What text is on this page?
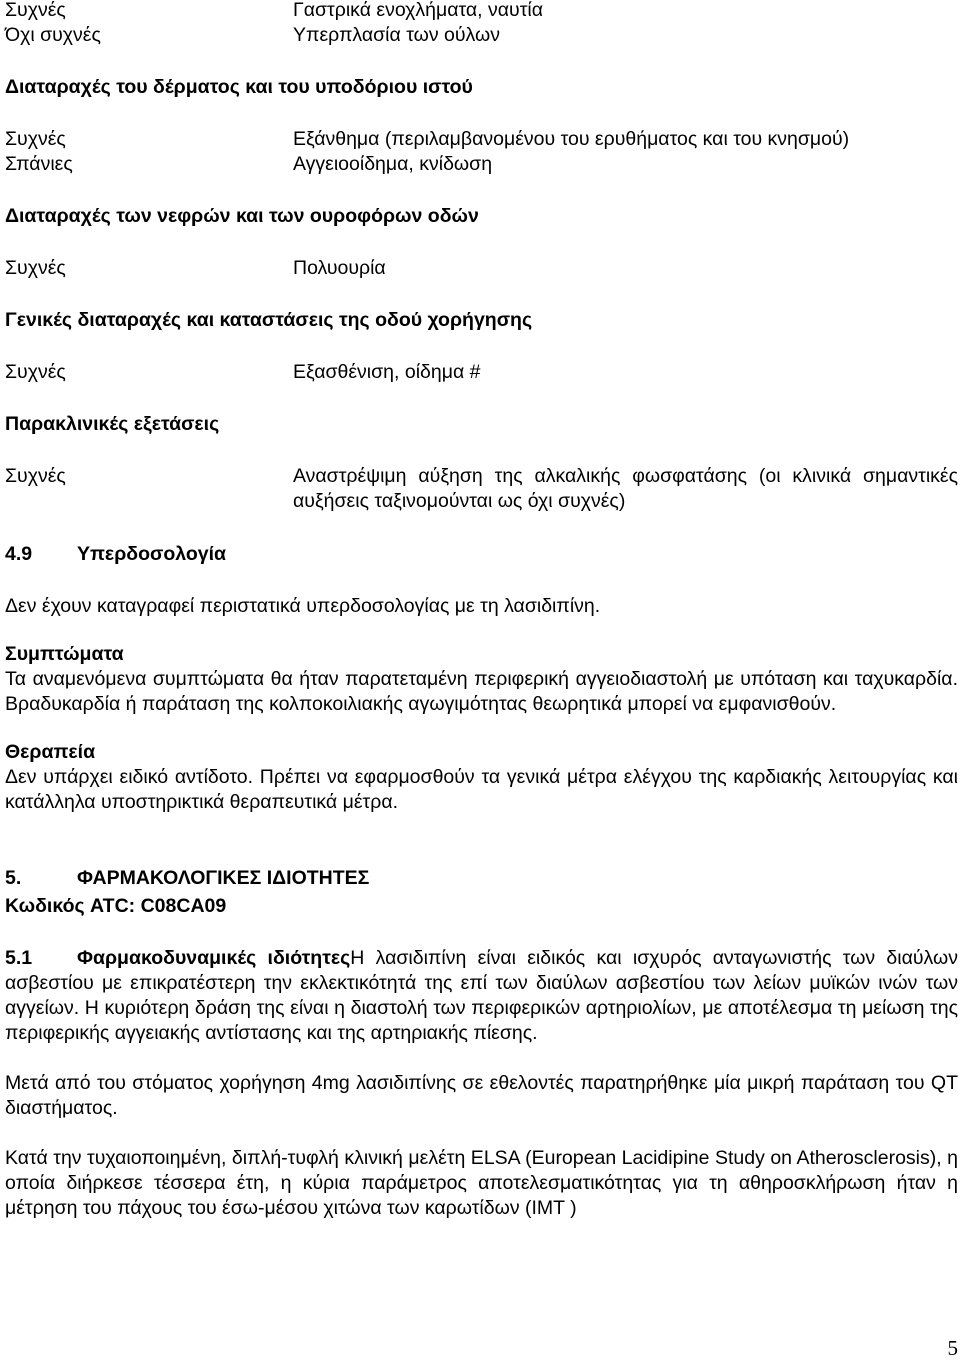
Συχνές	Γαστρικά ενοχλήματα, ναυτία
Όχι συχνές	Υπερπλασία των ούλων
Διαταραχές του δέρματος και του υποδόριου ιστού
Συχνές	Εξάνθημα (περιλαμβανομένου του ερυθήματος και του κνησμού)
Σπάνιες	Αγγειοοίδημα, κνίδωση
Διαταραχές των νεφρών και των ουροφόρων οδών
Συχνές	Πολυουρία
Γενικές διαταραχές και καταστάσεις της οδού χορήγησης
Συχνές	Εξασθένιση, οίδημα #
Παρακλινικές εξετάσεις
Συχνές	Αναστρέψιμη αύξηση της αλκαλικής φωσφατάσης (οι κλινικά σημαντικές αυξήσεις ταξινομούνται ως όχι συχνές)
4.9 Υπερδοσολογία
Δεν έχουν καταγραφεί περιστατικά υπερδοσολογίας με τη λασιδιπίνη.
Συμπτώματα
Τα αναμενόμενα συμπτώματα θα ήταν παρατεταμένη περιφερική αγγειοδιαστολή με υπόταση και ταχυκαρδία. Βραδυκαρδία ή παράταση της κολποκοιλιακής αγωγιμότητας θεωρητικά μπορεί να εμφανισθούν.
Θεραπεία
Δεν υπάρχει ειδικό αντίδοτο. Πρέπει να εφαρμοσθούν τα γενικά μέτρα ελέγχου της καρδιακής λειτουργίας και κατάλληλα υποστηρικτικά θεραπευτικά μέτρα.
5.	ΦΑΡΜΑΚΟΛΟΓΙΚΕΣ ΙΔΙΟΤΗΤΕΣ
Κωδικός ATC: C08CA09
5.1 Φαρμακοδυναμικές ιδιότητεςΗ λασιδιπίνη είναι ειδικός και ισχυρός ανταγωνιστής των διαύλων ασβεστίου με επικρατέστερη την εκλεκτικότητά της επί των διαύλων ασβεστίου των λείων μυϊκών ινών των αγγείων. Η κυριότερη δράση της είναι η διαστολή των περιφερικών αρτηριολίων, με αποτέλεσμα τη μείωση της περιφερικής αγγειακής αντίστασης και της αρτηριακής πίεσης.
Μετά από του στόματος χορήγηση 4mg λασιδιπίνης σε εθελοντές παρατηρήθηκε μία μικρή παράταση του QT διαστήματος.
Κατά την τυχαιοποιημένη, διπλή-τυφλή κλινική μελέτη ELSA (European Lacidipine Study on Atherosclerosis), η οποία διήρκεσε τέσσερα έτη, η κύρια παράμετρος αποτελεσματικότητας για τη αθηροσκλήρωση ήταν η μέτρηση του πάχους του έσω-μέσου χιτώνα των καρωτίδων (IMT )
5
